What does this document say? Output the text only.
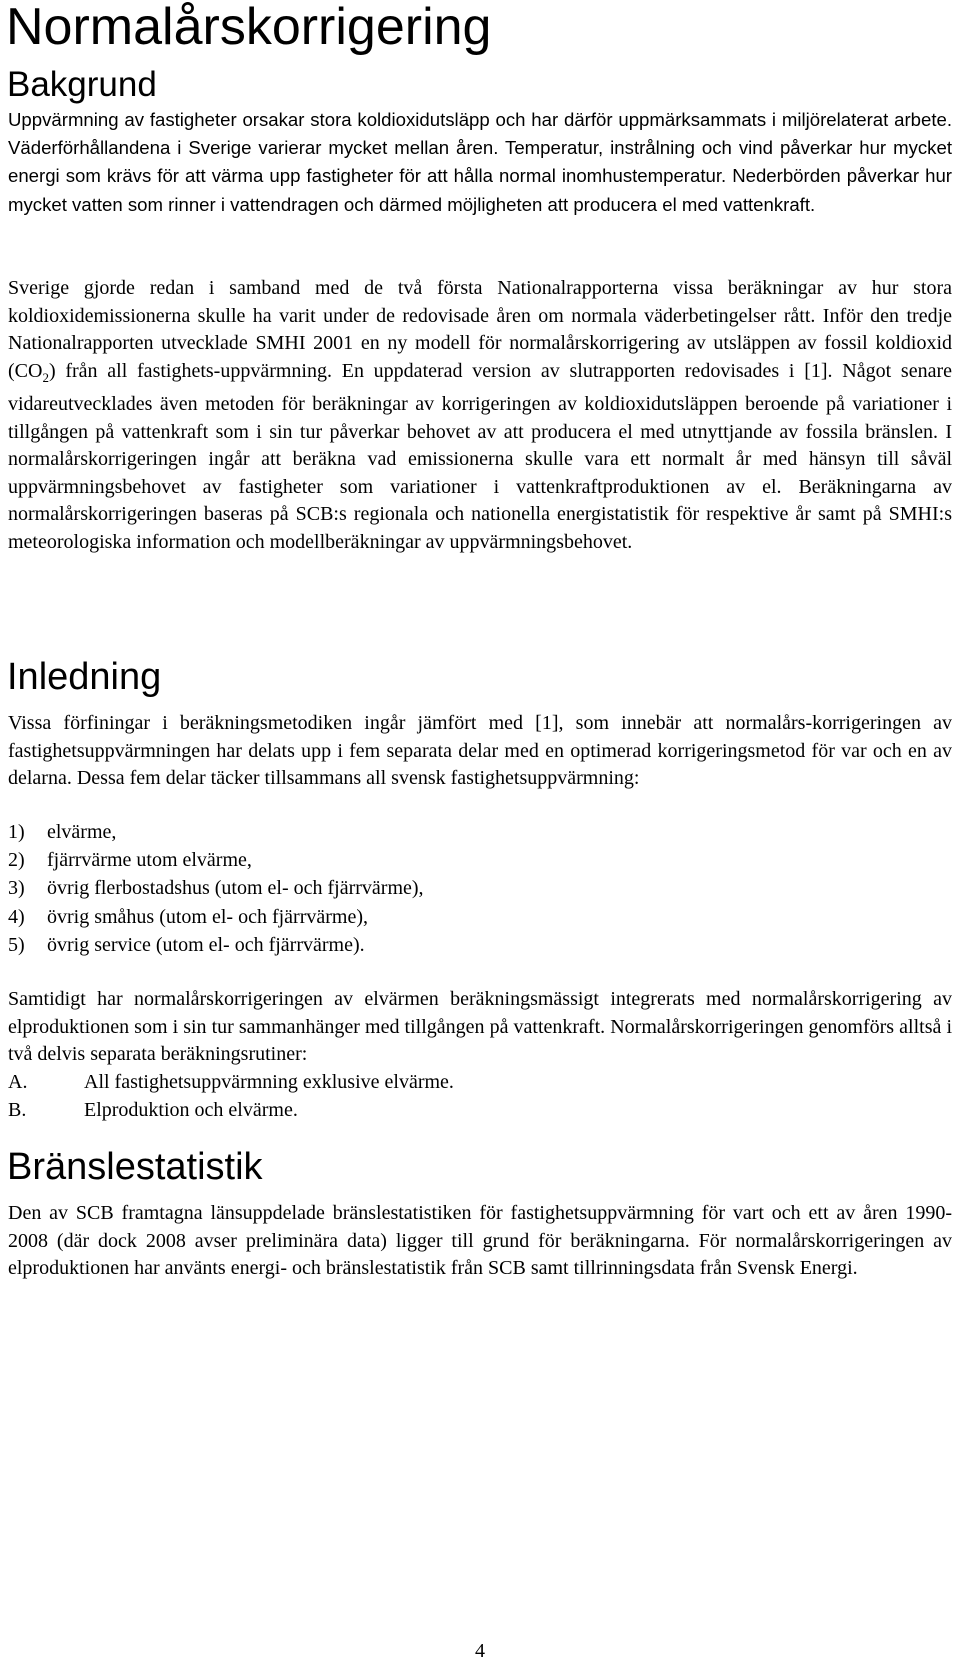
Normalårskorrigering
Bakgrund

Uppvärmning av fastigheter orsakar stora koldioxidutsläpp och har därför uppmärksammats i miljörelaterat arbete. Väderförhållandena i Sverige varierar mycket mellan åren. Temperatur, instrålning och vind påverkar hur mycket energi som krävs för att värma upp fastigheter för att hålla normal inomhustemperatur. Nederbörden påverkar hur mycket vatten som rinner i vattendragen och därmed möjligheten att producera el med vattenkraft.

Sverige gjorde redan i samband med de två första Nationalrapporterna vissa beräkningar av hur stora koldioxidemissionerna skulle ha varit under de redovisade åren om normala väderbetingelser rått. Inför den tredje Nationalrapporten utvecklade SMHI 2001 en ny modell för normalårskorrigering av utsläppen av fossil koldioxid $(CO_2)$ från all fastighets-uppvärmning. En uppdaterad version av slutrapporten redovisades i [1]. Något senare vidareutvecklades även metoden för beräkningar av korrigeringen av koldioxidutsläppen beroende på variationer i tillgången på vattenkraft som i sin tur påverkar behovet av att producera el med utnyttjande av fossila bränslen. I normalårskorrigeringen ingår att beräkna vad emissionerna skulle vara ett normalt år med hänsyn till såväl uppvärmningsbehovet av fastigheter som variationer i vattenkraftproduktionen av el. Beräkningarna av normalårskorrigeringen baseras på SCB:s regionala och nationella energistatistik för respektive år samt på SMHI:s meteorologiska information och modellberäkningar av uppvärmningsbehovet.

Inledning

Vissa förfiningar i beräkningsmetodiken ingår jämfört med [1], som innebär att normalårs-korrigeringen av fastighetsuppvärmningen har delats upp i fem separata delar med en optimerad korrigeringsmetod för var och en av delarna. Dessa fem delar täcker tillsammans all svensk fastighetsuppvärmning:

1)	elvärme,
2)	fjärrvärme utom elvärme,
3)	övrig flerbostadshus (utom el- och fjärrvärme),
4)	övrig småhus (utom el- och fjärrvärme),
5)	övrig service (utom el- och fjärrvärme).

Samtidigt har normalårskorrigeringen av elvärmen beräkningsmässigt integrerats med normalårskorrigering av elproduktionen som i sin tur sammanhänger med tillgången på vattenkraft. Normalårskorrigeringen genomförs alltså i två delvis separata beräkningsrutiner:

A.	All fastighetsuppvärmning exklusive elvärme.
B.	Elproduktion och elvärme.
Bränslestatistik

Den av SCB framtagna länsuppdelade bränslestatistiken för fastighetsuppvärmning för vart och ett av åren 1990-2008 (där dock 2008 avser preliminära data) ligger till grund för beräkningarna. För normalårskorrigeringen av elproduktionen har använts energi- och bränslestatistik från SCB samt tillrinningsdata från Svensk Energi.

4
